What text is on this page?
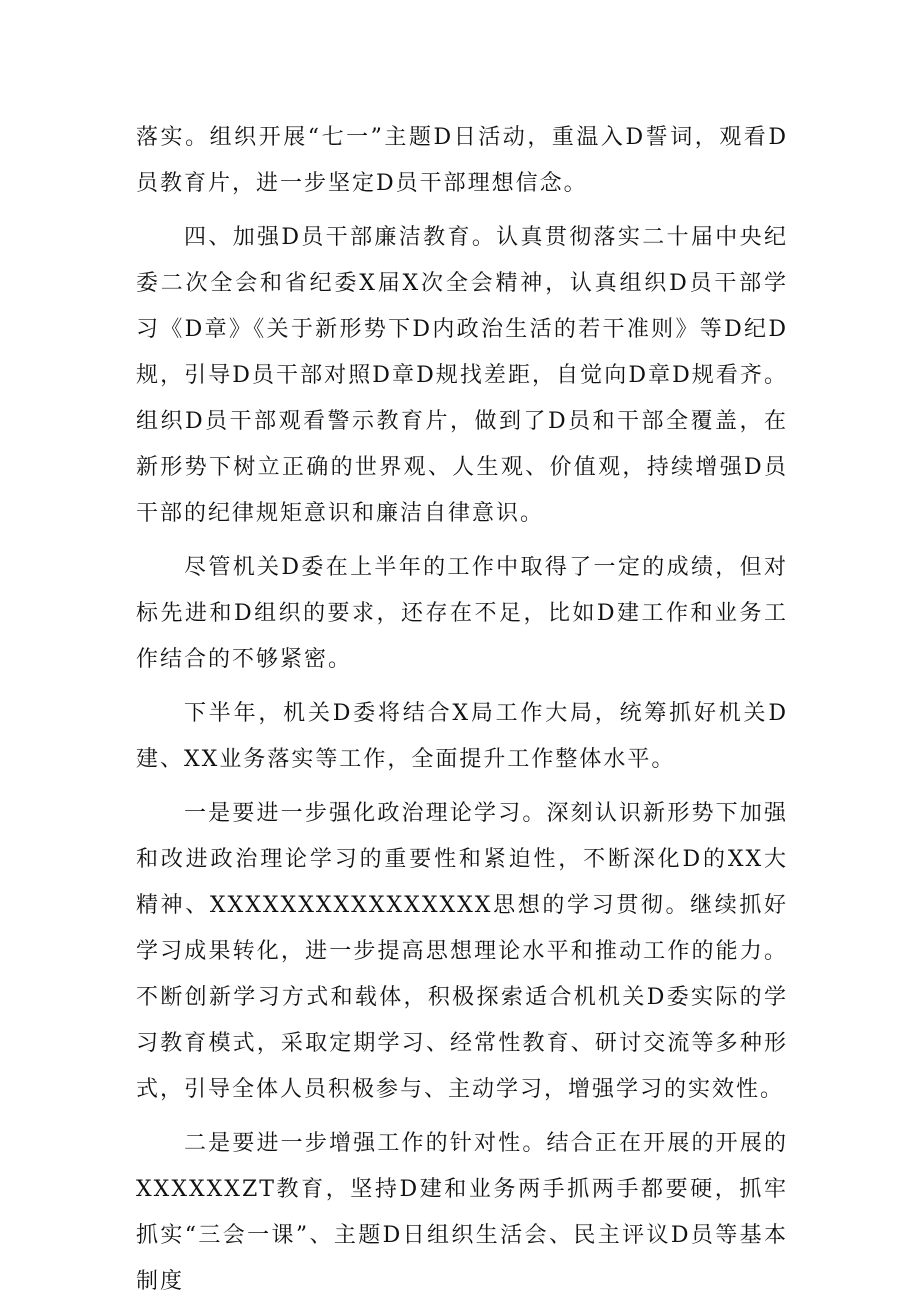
落实。组织开展“七一”主题D日活动，重温入D誓词，观看D员教育片，进一步坚定D员干部理想信念。

四、加强D员干部廉洁教育。认真贯彻落实二十届中央纪委二次全会和省纪委X届X次全会精神，认真组织D员干部学习《D章》《关于新形势下D内政治生活的若干准则》等D纪D规，引导D员干部对照D章D规找差距，自觉向D章D规看齐。组织D员干部观看警示教育片，做到了D员和干部全覆盖，在新形势下树立正确的世界观、人生观、价值观，持续增强D员干部的纪律规矩意识和廉洁自律意识。

尽管机关D委在上半年的工作中取得了一定的成绩，但对标先进和D组织的要求，还存在不足，比如D建工作和业务工作结合的不够紧密。

下半年，机关D委将结合X局工作大局，统筹抓好机关D建、XX业务落实等工作，全面提升工作整体水平。

一是要进一步强化政治理论学习。深刻认识新形势下加强和改进政治理论学习的重要性和紧迫性，不断深化D的XX大精神、XXXXXXXXXXXXXXXX思想的学习贯彻。继续抓好学习成果转化，进一步提高思想理论水平和推动工作的能力。不断创新学习方式和载体，积极探索适合机机关D委实际的学习教育模式，采取定期学习、经常性教育、研讨交流等多种形式，引导全体人员积极参与、主动学习，增强学习的实效性。

二是要进一步增强工作的针对性。结合正在开展的开展的XXXXXXZT教育，坚持D建和业务两手抓两手都要硬，抓牢抓实“三会一课”、主题D日组织生活会、民主评议D员等基本制度
